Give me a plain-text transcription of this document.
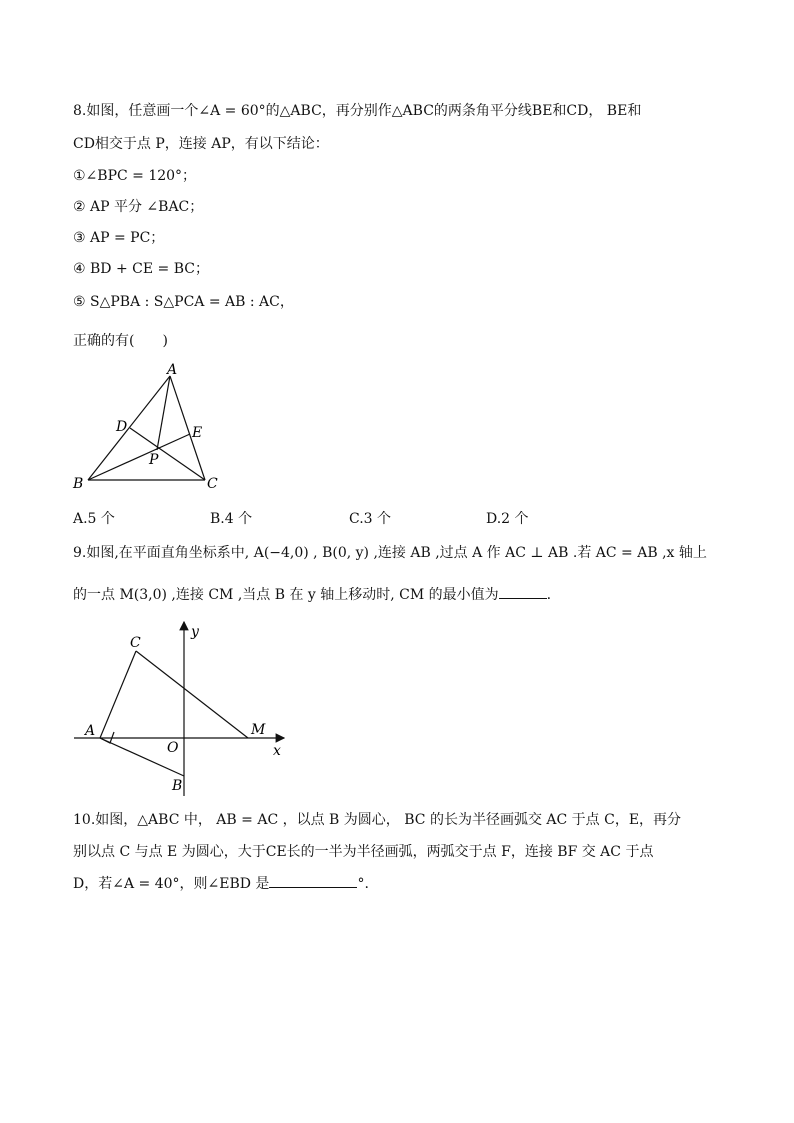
8.如图，任意画一个∠A = 60°的△ABC，再分别作△ABC的两条角平分线BE和CD， BE和
CD相交于点 P，连接 AP，有以下结论：
①∠BPC = 120°；
② AP 平分 ∠BAC；
③ AP = PC；
④ BD + CE = BC；
⑤ S△PBA : S△PCA = AB : AC，
正确的有(　　)
A
B	C
D	E
P
A.5 个	B.4 个	C.3 个	D.2 个
9.如图,在平面直角坐标系中, A(−4,0) , B(0, y) ,连接 AB ,过点 A 作 AC ⊥ AB .若 AC = AB ,x 轴上
的一点 M(3,0) ,连接 CM ,当点 B 在 y 轴上移动时, CM 的最小值为	.
C
y
A
O
M
x
B
10.如图，△ABC 中， AB = AC ，以点 B 为圆心， BC 的长为半径画弧交 AC 于点 C，E，再分
别以点 C 与点 E 为圆心，大于CE长的一半为半径画弧，两弧交于点 F，连接 BF 交 AC 于点
D，若∠A = 40°，则∠EBD 是	°.
